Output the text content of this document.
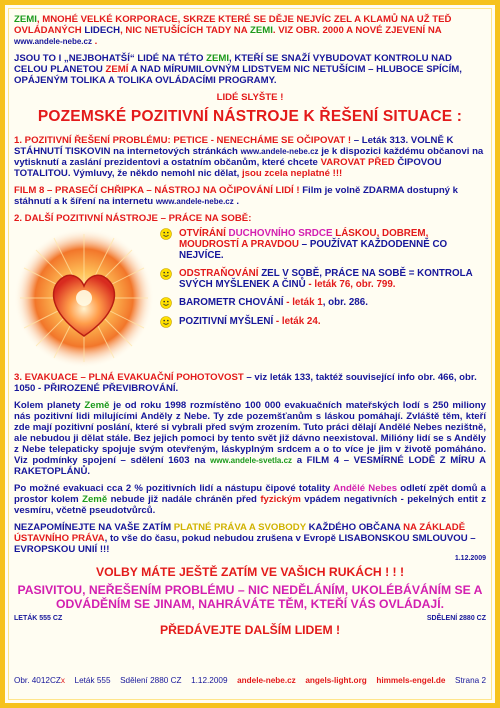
ZEMI, MNOHÉ VELKÉ KORPORACE, SKRZE KTERÉ SE DĚJE NEJVÍC ZEL A KLAMŮ NA UŽ TEĎ OVLÁDANÝCH LIDECH, NIC NETUŠÍCÍCH TADY NA ZEMI. VIZ OBR. 2000 A NOVÉ ZJEVENÍ NA www.andele-nebe.cz .

JSOU TO I „NEJBOHATŠÍ“ LIDÉ NA TÉTO ZEMI, KTEŘÍ SE SNAŽÍ VYBUDOVAT KONTROLU NAD CELOU PLANETOU ZEMÍ A NAD MÍRUMILOVNÝM LIDSTVEM NIC NETUŠÍCIM – HLUBOCE SPÍCÍM, OPÁJENÝM TOLIKA A TOLIKA OVLÁDACÍMI PROGRAMY.

LIDÉ SLYŠTE !

POZEMSKÉ POZITIVNÍ NÁSTROJE K ŘEŠENÍ SITUACE :

1. POZITIVNÍ ŘEŠENÍ PROBLÉMU: PETICE - NENECHÁME SE OČIPOVAT ! – Leták 313. VOLNĚ K STÁHNUTÍ TISKOVIN na internetových stránkách www.andele-nebe.cz je k dispozici každému občanovi na vytisknutí a zaslání prezidentovi a ostatním občanům, které chcete VAROVAT PŘED ČIPOVOU TOTALITOU. Výmluvy, že někdo nemohl nic dělat, jsou zcela neplatné !!!

FILM 8 – PRASEČÍ CHŘIPKA – NÁSTROJ NA OČIPOVÁNÍ LIDÍ ! Film je volně ZDARMA dostupný k stáhnutí a k šíření na internetu www.andele-nebe.cz .

2. DALŠÍ POZITIVNÍ NÁSTROJE – PRÁCE NA SOBĚ:

OTVÍRÁNÍ DUCHOVNÍHO SRDCE LÁSKOU, DOBREM, MOUDROSTÍ A PRAVDOU – POUŽÍVAT KAŽDODENNĚ CO NEJVÍCE.

ODSTRAŇOVÁNÍ ZEL V SOBĚ, PRÁCE NA SOBĚ = KONTROLA SVÝCH MYŠLENEK A ČINŮ - leták 76, obr. 799.

BAROMETR CHOVÁNÍ - leták 1, obr. 286.

POZITIVNÍ MYŠLENÍ - leták 24.

3. EVAKUACE – PLNÁ EVAKUAČNÍ POHOTOVOST – viz leták 133, taktéž související info obr. 466, obr. 1050 - PŘIROZENÉ PŘEVIBROVÁNÍ.

Kolem planety Země je od roku 1998 rozmístěno 100 000 evakuačních mateřských lodí s 250 miliony nás pozitivní lidi milujícími Anděly z Nebe. Ty zde pozemšťanům s láskou pomáhají. Zvláště těm, kteří zde mají pozitivní poslání, které si vybrali před svým zrozením. Tuto práci dělají Andělé Nebes nezištně, ale nebudou ji dělat stále. Bez jejich pomoci by tento svět již dávno neexistoval. Milióny lidí se s Anděly z Nebe telepaticky spojuje svým otevřeným, láskyplným srdcem a o to více je jim v životě pomáháno. Viz podmínky spojení – sdělení 1603 na www.andele-svetla.cz a FILM 4 – VESMÍRNÉ LODĚ Z MÍRU A RAKETOPLÁNŮ.

Po možné evakuaci cca 2 % pozitivních lidí a nástupu čipové totality Andělé Nebes odletí zpět domů a prostor kolem Země nebude již nadále chráněn před fyzickým vpádem negativních - pekelných entit z vesmíru, včetně pseudotvůrců.

NEZAPOMÍNEJTE NA VAŠE ZATÍM PLATNÉ PRÁVA A SVOBODY KAŽDÉHO OBČANA NA ZÁKLADĚ ÚSTAVNÍHO PRÁVA, to vše do času, pokud nebudou zrušena v Evropě LISABONSKOU SMLOUVOU – EVROPSKOU UNIÍ !!!

1.12.2009

VOLBY MÁTE JEŠTĚ ZATÍM VE VAŠICH RUKÁCH ! ! !
PASIVITOU, NEŘEŠENÍM PROBLÉMU – NIC NEDĚLÁNÍM, UKOLÉBÁVÁNÍM SE A ODVÁDĚNÍM SE JINAM, NAHRÁVÁTE TĚM, KTEŘÍ VÁS OVLÁDAJÍ.
LETÁK 555 CZ	SDĚLENÍ 2880 CZ
PŘEDÁVEJTE DALŠÍM LIDEM !
Obr. 4012CZx Leták 555 Sdělení 2880 CZ 1.12.2009 andele-nebe.cz angels-light.org himmels-engel.de Strana 2
